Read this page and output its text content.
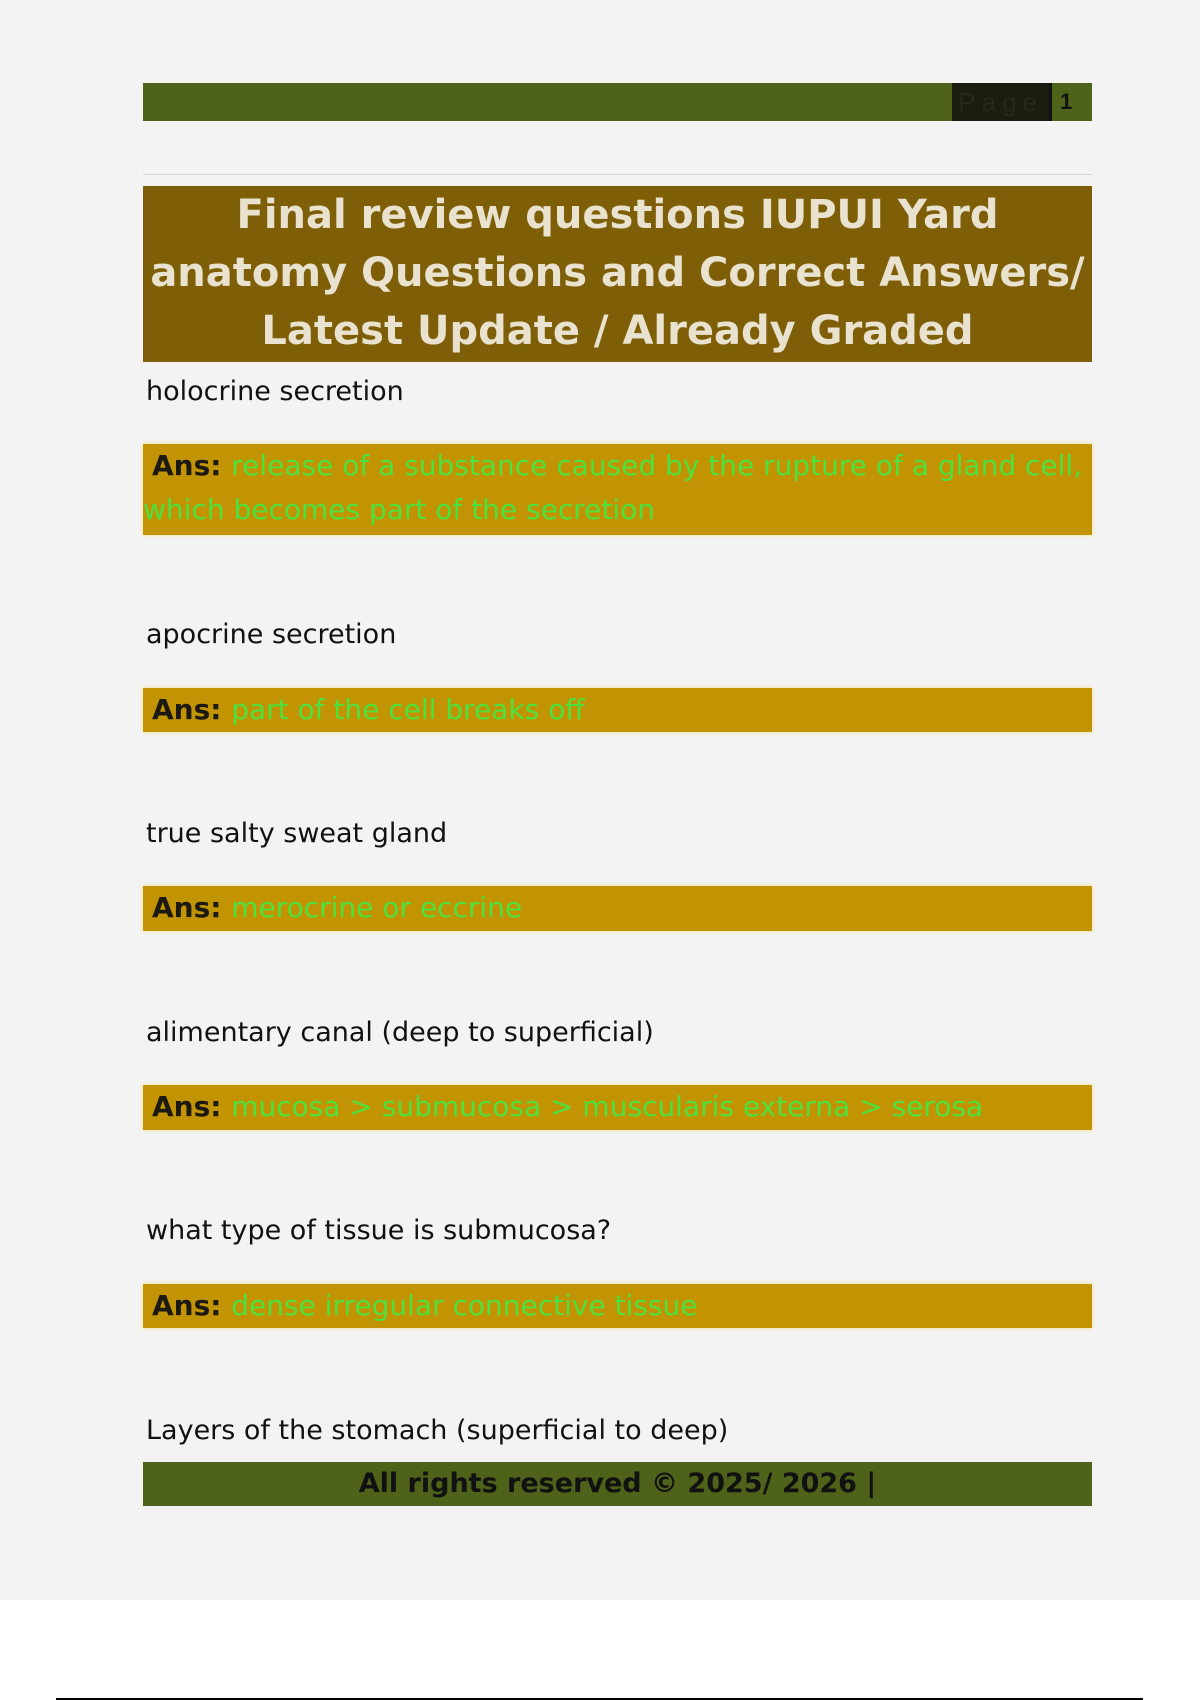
Page 1
Final review questions IUPUI Yard anatomy Questions and Correct Answers/ Latest Update / Already Graded
holocrine secretion
Ans: release of a substance caused by the rupture of a gland cell, which becomes part of the secretion
apocrine secretion
Ans: part of the cell breaks off
true salty sweat gland
Ans: merocrine or eccrine
alimentary canal (deep to superficial)
Ans: mucosa > submucosa > muscularis externa > serosa
what type of tissue is submucosa?
Ans: dense irregular connective tissue
Layers of the stomach (superficial to deep)
All rights reserved © 2025/ 2026 |
